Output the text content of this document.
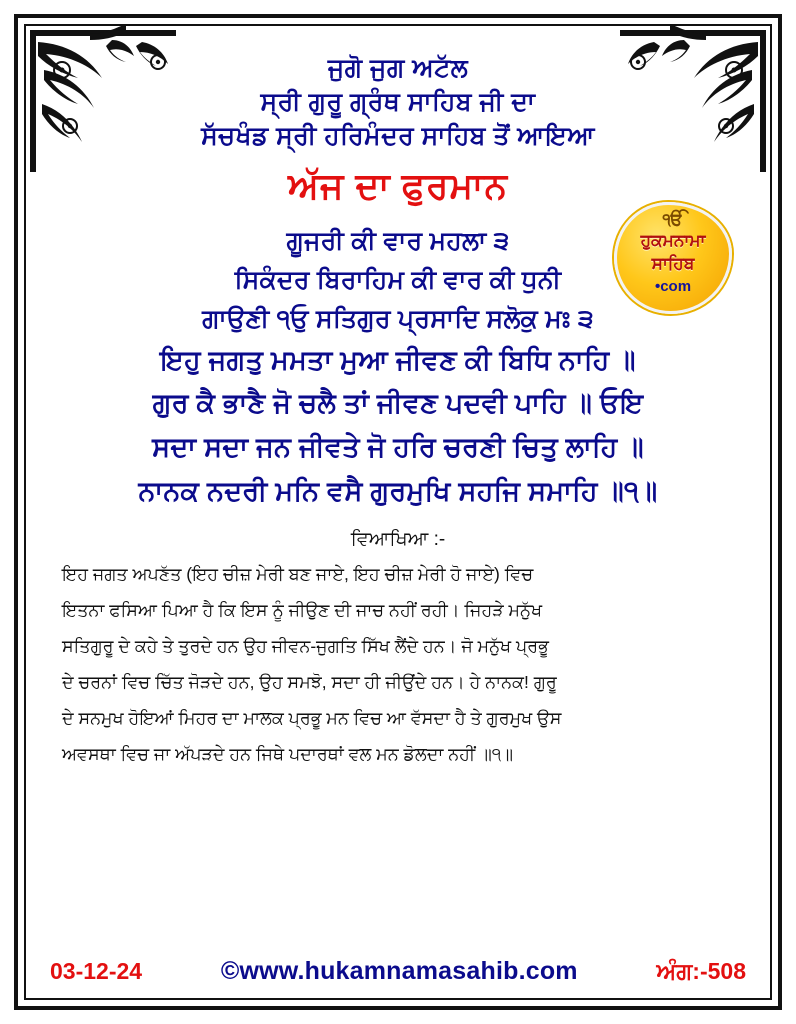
ਜੁਗੋ ਜੁਗ ਅਟੱਲ
ਸ੍ਰੀ ਗੁਰੂ ਗ੍ਰੰਥ ਸਾਹਿਬ ਜੀ ਦਾ
ਸੱਚਖੰਡ ਸ੍ਰੀ ਹਰਿਮੰਦਰ ਸਾਹਿਬ ਤੋਂ ਆਇਆ
ਅੱਜ ਦਾ ਫੁਰਮਾਨ
ੴ
ਹੁਕਮਨਾਮਾ
ਸਾਹਿਬ
•com
ਗੂਜਰੀ ਕੀ ਵਾਰ ਮਹਲਾ ੩
ਸਿਕੰਦਰ ਬਿਰਾਹਿਮ ਕੀ ਵਾਰ ਕੀ ਧੁਨੀ
ਗਾਉਣੀ ੧ਓੁ ਸਤਿਗੁਰ ਪ੍ਰਸਾਦਿ ਸਲੋਕੁ ਮਃ ੩
ਇਹੁ ਜਗਤੁ ਮਮਤਾ ਮੁਆ ਜੀਵਣ ਕੀ ਬਿਧਿ ਨਾਹਿ ॥
ਗੁਰ ਕੈ ਭਾਣੈ ਜੋ ਚਲੈ ਤਾਂ ਜੀਵਣ ਪਦਵੀ ਪਾਹਿ ॥ ਓਇ
ਸਦਾ ਸਦਾ ਜਨ ਜੀਵਤੇ ਜੋ ਹਰਿ ਚਰਣੀ ਚਿਤੁ ਲਾਹਿ ॥
ਨਾਨਕ ਨਦਰੀ ਮਨਿ ਵਸੈ ਗੁਰਮੁਖਿ ਸਹਜਿ ਸਮਾਹਿ ॥੧॥
ਵਿਆਖਿਆ :-
ਇਹ ਜਗਤ ਅਪਣੱਤ (ਇਹ ਚੀਜ਼ ਮੇਰੀ ਬਣ ਜਾਏ, ਇਹ ਚੀਜ਼ ਮੇਰੀ ਹੋ ਜਾਏ) ਵਿਚ
ਇਤਨਾ ਫਸਿਆ ਪਿਆ ਹੈ ਕਿ ਇਸ ਨੂੰ ਜੀਉਣ ਦੀ ਜਾਚ ਨਹੀਂ ਰਹੀ। ਜਿਹੜੇ ਮਨੁੱਖ
ਸਤਿਗੁਰੂ ਦੇ ਕਹੇ ਤੇ ਤੁਰਦੇ ਹਨ ਉਹ ਜੀਵਨ-ਜੁਗਤਿ ਸਿੱਖ ਲੈਂਦੇ ਹਨ। ਜੋ ਮਨੁੱਖ ਪ੍ਰਭੂ
ਦੇ ਚਰਨਾਂ ਵਿਚ ਚਿੱਤ ਜੋੜਦੇ ਹਨ, ਉਹ ਸਮਝੋ, ਸਦਾ ਹੀ ਜੀਉਂਦੇ ਹਨ। ਹੇ ਨਾਨਕ! ਗੁਰੂ
ਦੇ ਸਨਮੁਖ ਹੋਇਆਂ ਮਿਹਰ ਦਾ ਮਾਲਕ ਪ੍ਰਭੂ ਮਨ ਵਿਚ ਆ ਵੱਸਦਾ ਹੈ ਤੇ ਗੁਰਮੁਖ ਉਸ
ਅਵਸਥਾ ਵਿਚ ਜਾ ਅੱਪੜਦੇ ਹਨ ਜਿਥੇ ਪਦਾਰਥਾਂ ਵਲ ਮਨ ਡੋਲਦਾ ਨਹੀਂ ॥੧॥
03-12-24	©www.hukamnamasahib.com	ਅੰਗ:-508
